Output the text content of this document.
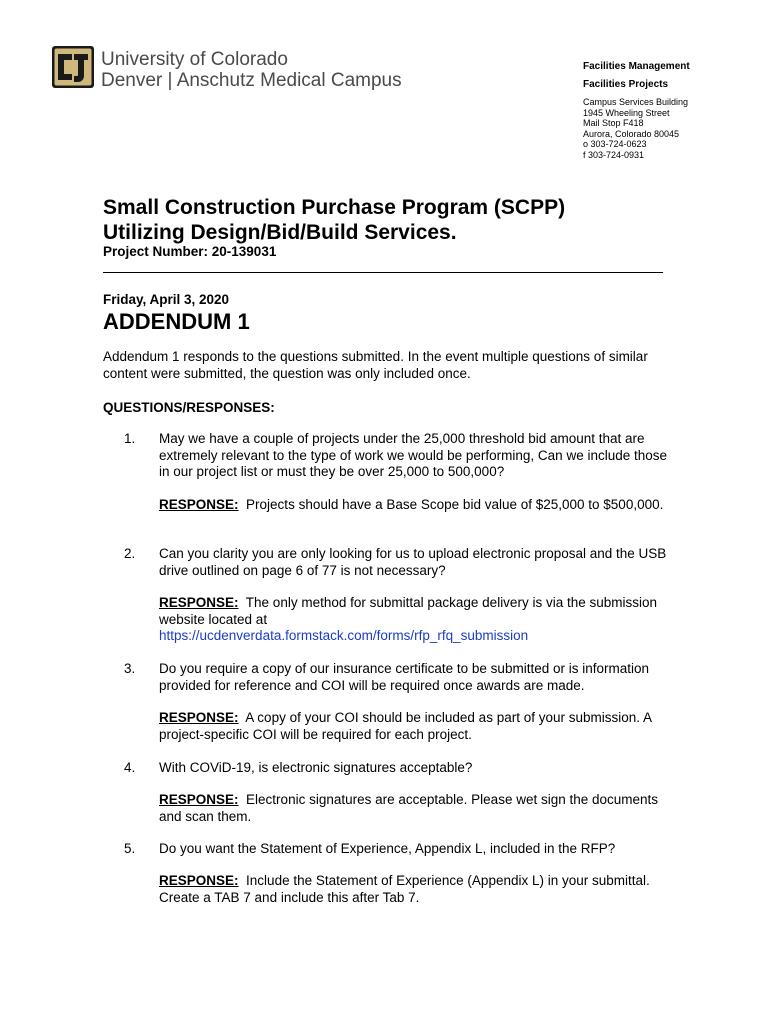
University of Colorado
Denver | Anschutz Medical Campus
Facilities Management
Facilities Projects
Campus Services Building
1945 Wheeling Street
Mail Stop F418
Aurora, Colorado 80045
o 303-724-0623
f 303-724-0931
Small Construction Purchase Program (SCPP)
Utilizing Design/Bid/Build Services.
Project Number: 20-139031
Friday, April 3, 2020
ADDENDUM 1
Addendum 1 responds to the questions submitted. In the event multiple questions of similar content were submitted, the question was only included once.
QUESTIONS/RESPONSES:
1. May we have a couple of projects under the 25,000 threshold bid amount that are extremely relevant to the type of work we would be performing, Can we include those in our project list or must they be over 25,000 to 500,000?
RESPONSE: Projects should have a Base Scope bid value of $25,000 to $500,000.
2. Can you clarity you are only looking for us to upload electronic proposal and the USB drive outlined on page 6 of 77 is not necessary?
RESPONSE: The only method for submittal package delivery is via the submission website located at
https://ucdenverdata.formstack.com/forms/rfp_rfq_submission
3. Do you require a copy of our insurance certificate to be submitted or is information provided for reference and COI will be required once awards are made.
RESPONSE: A copy of your COI should be included as part of your submission. A project-specific COI will be required for each project.
4. With COViD-19, is electronic signatures acceptable?
RESPONSE: Electronic signatures are acceptable. Please wet sign the documents and scan them.
5. Do you want the Statement of Experience, Appendix L, included in the RFP?
RESPONSE: Include the Statement of Experience (Appendix L) in your submittal. Create a TAB 7 and include this after Tab 7.
